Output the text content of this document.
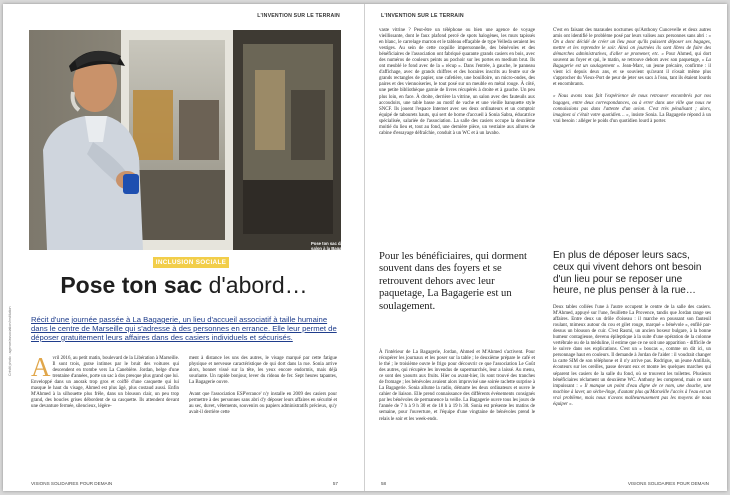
L'INVENTION SUR LE TERRAIN
Pose ton sac dans le salon à la Bagagerie
Crédit photo : agence/association/institution
INCLUSION SOCIALE
Pose ton sac d'abord…
Récit d'une journée passée à La Bagagerie, un lieu d'accueil associatif à taille humaine dans le centre de Marseille qui s'adresse à des personnes en errance. Elle leur permet de déposer gratuitement leurs affaires dans des casiers individuels et sécurisés.
Avril 2016, au petit matin, boulevard de la Libération à Marseille. Il sont trois, gutse intimes par le bruit des voitures qui descendent en trombe vers La Canebière. Jordan, belge d'une trentaine d'années, porte un sac à dos presque plus grand que lui. Enveloppé dans un anorak trop gros et coiffé d'une casquette qui lui masque le haut du visage, Ahmed est plus âgé, plus costaud aussi. Enfin M'Ahmed à la silhouette plus frêle, dans un blouson clair, un peu trop grand, des boucles grises débordent de sa casquette. Ils attendent devant une devanture fermée, silencieux, légère-

ment à distance les uns des autres, le visage marqué par cette fatigue physique et nerveuse caractéristique de qui dort dans la rue. Sonia arrive alors, bonnet vissé sur la tête, les yeux encore endormis, mais déjà souriante. Un rapide bonjour, lever du rideau de fer. Sept heures tapantes, La Bagagerie ouvre.

Avant que l'association ESP'errance' n'y installe en 2009 des casiers pour permettre à des personnes sans abri d'y déposer leurs affaires en sécurité et au sec, duvet, vêtements, souvenirs ou papiers administratifs précieux, qu'y avait-il derrière cette

VISIONS SOLIDAIRES POUR DEMAIN	57
L'INVENTION SUR LE TERRAIN

vaste vitrine ? Peut-être un téléphone ou bien une agence de voyage vieillissante, dont le faux plafond percé de spots halogènes, les murs tapissés en blanc, le carrelage marron et le tableau effaçable de type Velleda seraient les vestiges. Au sein de cette coquille impersonnelle, des bénévoles et des bénéficiaires de l'association ont fabriqué quarante grands casiers en bois, avec des numéros de couleurs peints au pochoir sur les portes en medium brut. Ils ont meublé le fond avec de la « récup ». Dans l'entrée, à gauche, le panneau d'affichage, avec de grands chiffres et des horaires inscrits au feutre sur de grands rectangles de papier, une cafetière, une bouilloire, un micro-ondes, des paires et des viennoiseries, le tout posé sur un meuble en métal rouge. À côté, une petite bibliothèque garnie de livres récupérés à droite et à gauche. Un peu plus loin, en face. À droite, derrière la vitrine, un salon avec des fauteuils aux accoudoirs, une table basse au motif de vache et une vieille banquette style SNCF. Ils jouent l'espace Internet avec ses deux ordinateurs et un comptoir équipé de tabourets hauts, qui sert de borne d'accueil à Sonia Sabra, éducatrice spécialisée, salariée de l'association. La salle des casiers occupe la deuxième moitié du lieu et, tout au fond, une dernière pièce, un vestiaire aux allures de cabine d'essayage défraîchie, conduit à un WC et à un lavabo.

C'est en faisant des maraudes nocturnes qu'Anthony Cuncevelle et deux autres amis ont identifié le problème posé par leurs valises aux personnes sans abri : « On a donc décidé de créer un lieu pour qu'ils puissent déposer ses bagages, mettre et les reprendre le soir. Ainsi on journées ils sont libres de faire des démarches administratives, d'aller se promener, etc. » Pour Ahmed, qui dort souvent au foyer et qui, le matin, se retrouve dehors avec son paquetage, « La Bagagerie est un soulagement ». Jean-Marc, un jeune précaire, confirme : il vient ici depuis deux ans, et se souvient qu'avant il n'osait même plus s'approcher du Vieux-Port de peur de jeter ses sacs à l'eau, tant ils étaient lourds et encombrants.

« Nous avons tous fait l'expérience de nous retrouver encombrés par nos bagages, entre deux correspondances, ou à errer dans une ville que nous ne connaissions pas dans l'attente d'un avion. C'est très pénalisant ; alors, imaginez si c'était votre quotidien… », insiste Sonia. La Bagagerie répond à un vrai besoin : alléger le poids d'un quotidien lourd à porter.

Pour les bénéficiaires, qui dorment souvent dans des foyers et se retrouvent dehors avec leur paquetage, La Bagagerie est un soulagement.
En plus de déposer leurs sacs, ceux qui vivent dehors ont besoin d'un lieu pour se reposer une heure, ne plus penser à la rue…

À l'intérieur de La Bagagerie, Jordan, Ahmed et M'Ahmed s'activent. Pour récupérer les journaux et les poser sur la table ; le deuxième prépare le café et le thé ; le troisième ouvre le frigo pour découvrir ce que l'association Le Goût des autres, qui récupère les invendus de supermarchés, leur a laissé. Au menu, ce sont des yaourts aux fruits. Hier ou avant-hier, ils sont trouvé des tranches de fromage ; les bénévoles avaient alors improvisé une soirée raclette surprise à La Bagagerie. Sonia allume la radio, démarre les deux ordinateurs et ouvre le cahier de liaison. Elle prend connaissance des différents événements consignés par les bénévoles de permanence la veille. La Bagagerie ouvre tous les jours de l'année de 7 h à 9 h 30 et de 18 h à 19 h 30. Sonia est présente les matins de semaine, pour l'ouverture, et l'équipe d'une vingtaine de bénévoles prend le relais le soir et les week-ends.

Deux tables collées l'une à l'autre occupent le centre de la salle des casiers. M'Ahmed, appuyé sur l'une, feuillette La Provence, tandis que Jordan range ses affaires. Entre deux un drôle d'oiseau : il marche en poussant son fauteuil roulant, mimeux autour du cou et gilet rouge, marqué « bénévole », enfilé par-dessus un blouson de cuir. C'est Rasmi, un ancien boxeur bulgare, à la bonne humeur contagieuse, devenu épileptique à la suite d'une opération de la colonne vertébrale ou de la méduline, il estime que ce ne soit une apparition - difficile de le suivre dans ses explications. C'est un « boucas », comme on dit ici, un personnage haut en couleurs. Il demande à Jordan de l'aider : il voudrait changer la carte SIM de son téléphone et il n'y arrive pas. Rodrigue, un jeune Antillais, écouteurs sur les oreilles, passe devant eux et monte les quelques marches qui séparent les casiers de la salle du fond, où se trouvent les toilettes. Plusieurs bénéficiaires réclament un deuxième WC. Anthony les comprend, mais ce sont impuissant : « Il manque un point d'eau digne de ce nom, une douche, une machine à laver, un sèche-linge, d'autant plus qu'Marseille l'accès à l'eau est un vrai problème, mais nous n'avons malheureusement pas les moyens de nous équiper ».

58	VISIONS SOLIDAIRES POUR DEMAIN
